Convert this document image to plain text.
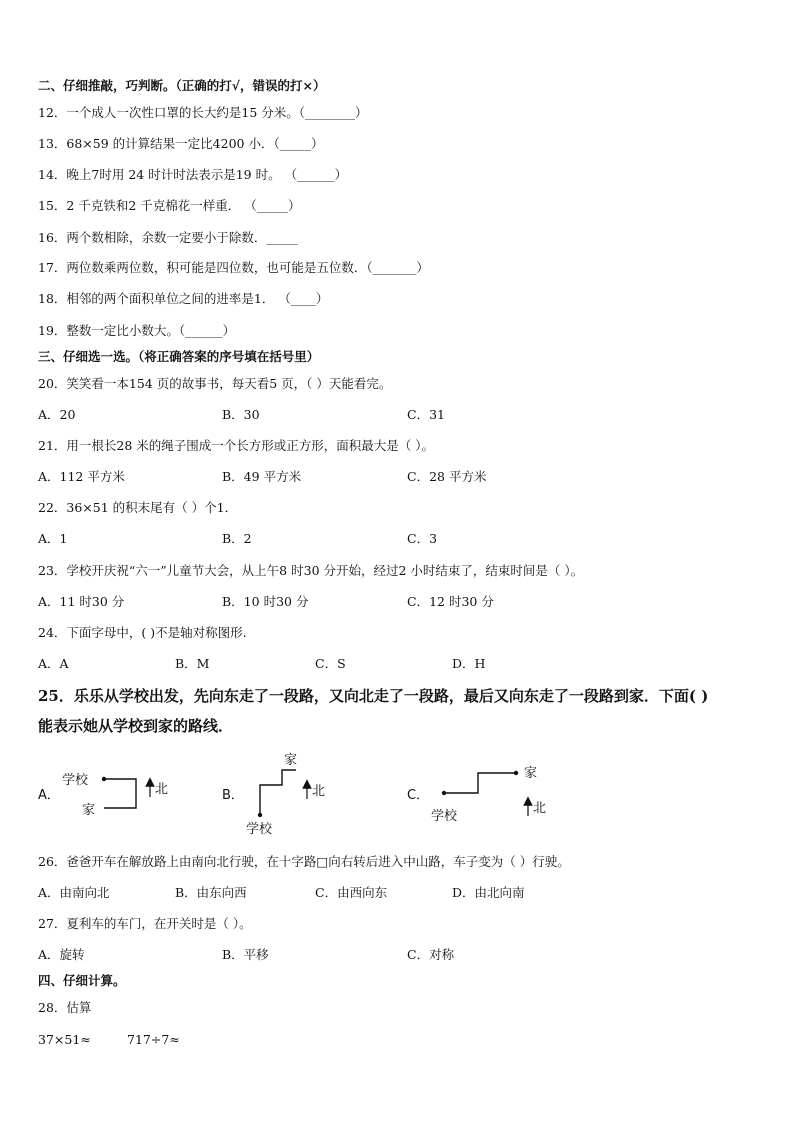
二、仔细推敲，巧判断。（正确的打√，错误的打×）
12．一个成人一次性口罩的长大约是15 分米。（________）
13．68×59 的计算结果一定比4200 小．（_____）
14．晚上7时用 24 时计时法表示是19 时。 （______）
15．2 千克铁和2 千克棉花一样重． （_____）
16．两个数相除，余数一定要小于除数．_____
17．两位数乘两位数，积可能是四位数，也可能是五位数．（_______）
18．相邻的两个面积单位之间的进率是1． （____）
19．整数一定比小数大。（______）
三、仔细选一选。（将正确答案的序号填在括号里）
20．笑笑看一本154 页的故事书，每天看5 页，（ ）天能看完。
A．20	B．30	C．31
21．用一根长28 米的绳子围成一个长方形或正方形，面积最大是（ ）。
A．112 平方米	B．49 平方米	C．28 平方米
22．36×51 的积末尾有（ ）个1．
A．1	B．2	C．3
23．学校开庆祝“六一”儿童节大会，从上午8 时30 分开始，经过2 小时结束了，结束时间是（ ）。
A．11 时30 分	B．10 时30 分	C．12 时30 分
24．下面字母中，( )不是轴对称图形.
A．A	B．M	C．S	D．H
25．乐乐从学校出发，先向东走了一段路，又向北走了一段路，最后又向东走了一段路到家．下面( )
能表示她从学校到家的路线．
A．
学校
家
北	B．
家
学校
北	C．
家
学校
北
26．爸爸开车在解放路上由南向北行驶，在十字路□向右转后进入中山路，车子变为（ ）行驶。
A．由南向北	B．由东向西	C．由西向东	D．由北向南
27．夏利车的车门，在开关时是（ ）。
A．旋转	B．平移	C．对称
四、仔细计算。
28．估算
37×51≈	717÷7≈
